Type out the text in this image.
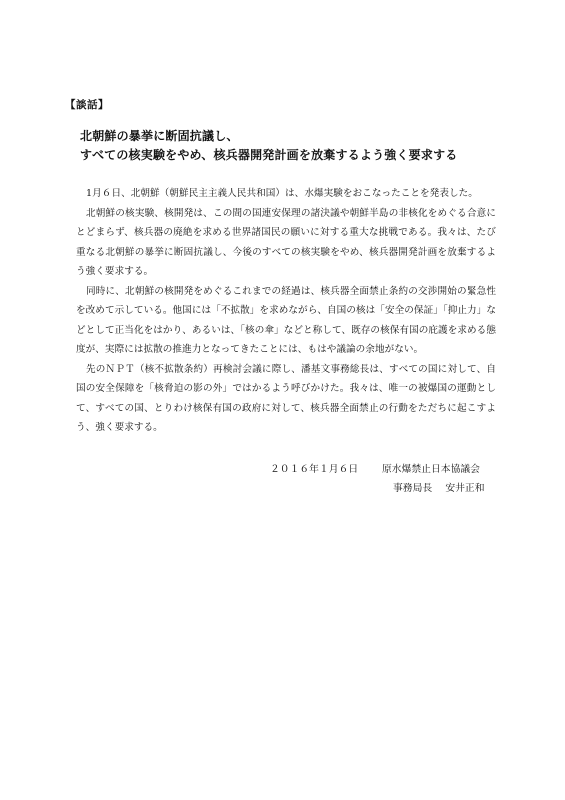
【談話】
北朝鮮の暴挙に断固抗議し、
すべての核実験をやめ、核兵器開発計画を放棄するよう強く要求する

1月６日、北朝鮮（朝鮮民主主義人民共和国）は、水爆実験をおこなったことを発表した。

北朝鮮の核実験、核開発は、この間の国連安保理の諸決議や朝鮮半島の非核化をめぐる合意にとどまらず、核兵器の廃絶を求める世界諸国民の願いに対する重大な挑戦である。我々は、たび重なる北朝鮮の暴挙に断固抗議し、今後のすべての核実験をやめ、核兵器開発計画を放棄するよう強く要求する。

同時に、北朝鮮の核開発をめぐるこれまでの経過は、核兵器全面禁止条約の交渉開始の緊急性を改めて示している。他国には「不拡散」を求めながら、自国の核は「安全の保証」「抑止力」などとして正当化をはかり、あるいは、「核の傘」などと称して、既存の核保有国の庇護を求める態度が、実際には拡散の推進力となってきたことには、もはや議論の余地がない。

先のＮＰＴ（核不拡散条約）再検討会議に際し、潘基文事務総長は、すべての国に対して、自国の安全保障を「核脅迫の影の外」ではかるよう呼びかけた。我々は、唯一の被爆国の運動として、すべての国、とりわけ核保有国の政府に対して、核兵器全面禁止の行動をただちに起こすよう、強く要求する。

２０１６年１月６日 原水爆禁止日本協議会
事務局長 安井正和
